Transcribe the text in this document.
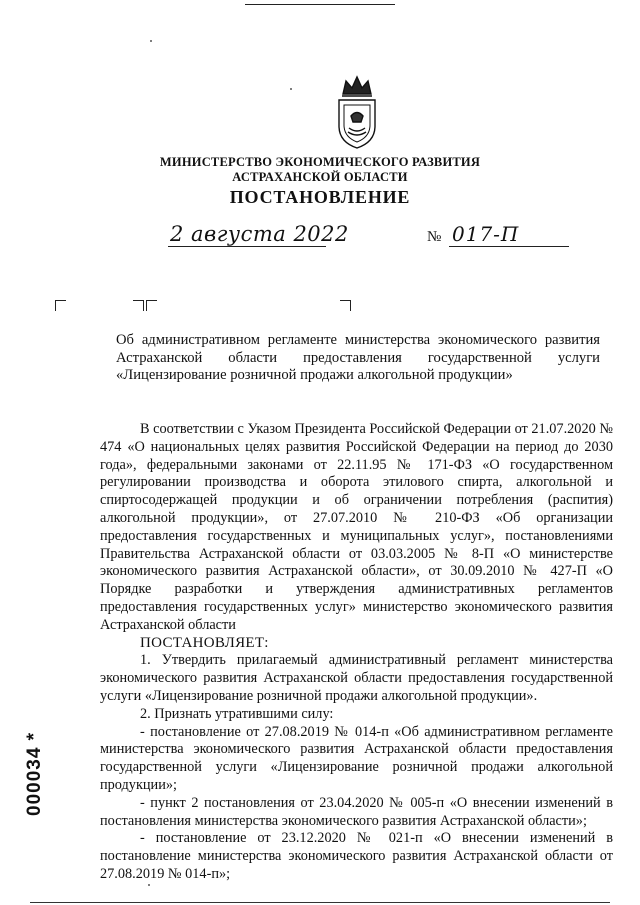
МИНИСТЕРСТВО ЭКОНОМИЧЕСКОГО РАЗВИТИЯ
АСТРАХАНСКОЙ ОБЛАСТИ
ПОСТАНОВЛЕНИЕ
2 августа 2022	№ 017-П
Об административном регламенте министерства экономического развития Астраханской области предоставления государственной услуги «Лицензирование розничной продажи алкогольной продукции»

В соответствии с Указом Президента Российской Федерации от 21.07.2020 № 474 «О национальных целях развития Российской Федерации на период до 2030 года», федеральными законами от 22.11.95 № 171-ФЗ «О государственном регулировании производства и оборота этилового спирта, алкогольной и спиртосодержащей продукции и об ограничении потребления (распития) алкогольной продукции», от 27.07.2010 № 210-ФЗ «Об организации предоставления государственных и муниципальных услуг», постановлениями Правительства Астраханской области от 03.03.2005 № 8-П «О министерстве экономического развития Астраханской области», от 30.09.2010 № 427-П «О Порядке разработки и утверждения административных регламентов предоставления государственных услуг» министерство экономического развития Астраханской области

ПОСТАНОВЛЯЕТ:

1. Утвердить прилагаемый административный регламент министерства экономического развития Астраханской области предоставления государственной услуги «Лицензирование розничной продажи алкогольной продукции».

2. Признать утратившими силу:

- постановление от 27.08.2019 № 014-п «Об административном регламенте министерства экономического развития Астраханской области предоставления государственной услуги «Лицензирование розничной продажи алкогольной продукции»;

- пункт 2 постановления от 23.04.2020 № 005-п «О внесении изменений в постановления министерства экономического развития Астраханской области»;

- постановление от 23.12.2020 № 021-п «О внесении изменений в постановление министерства экономического развития Астраханской области от 27.08.2019 № 014-п»;

000034 *
